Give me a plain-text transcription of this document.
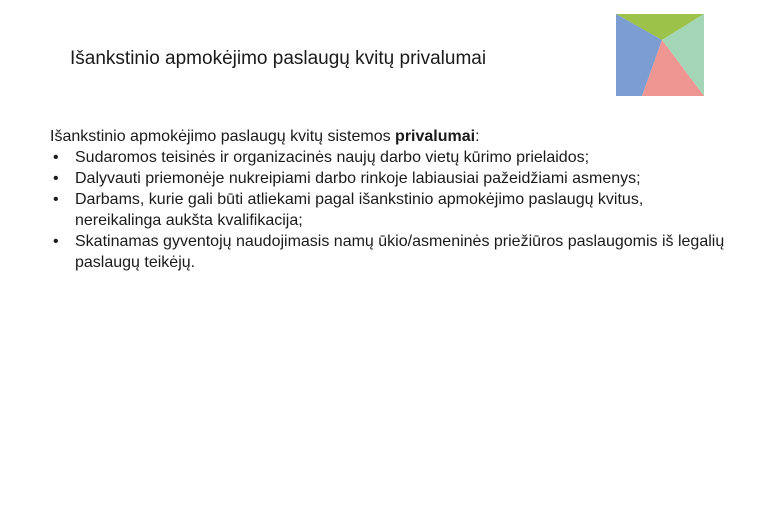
Išankstinio apmokėjimo paslaugų kvitų privalumai

Išankstinio apmokėjimo paslaugų kvitų sistemos privalumai:

• Sudaromos teisinės ir organizacinės naujų darbo vietų kūrimo prielaidos;
• Dalyvauti priemonėje nukreipiami darbo rinkoje labiausiai pažeidžiami asmenys;
• Darbams, kurie gali būti atliekami pagal išankstinio apmokėjimo paslaugų kvitus, nereikalinga aukšta kvalifikacija;
• Skatinamas gyventojų naudojimasis namų ūkio/asmeninės priežiūros paslaugomis iš legalių paslaugų teikėjų.
